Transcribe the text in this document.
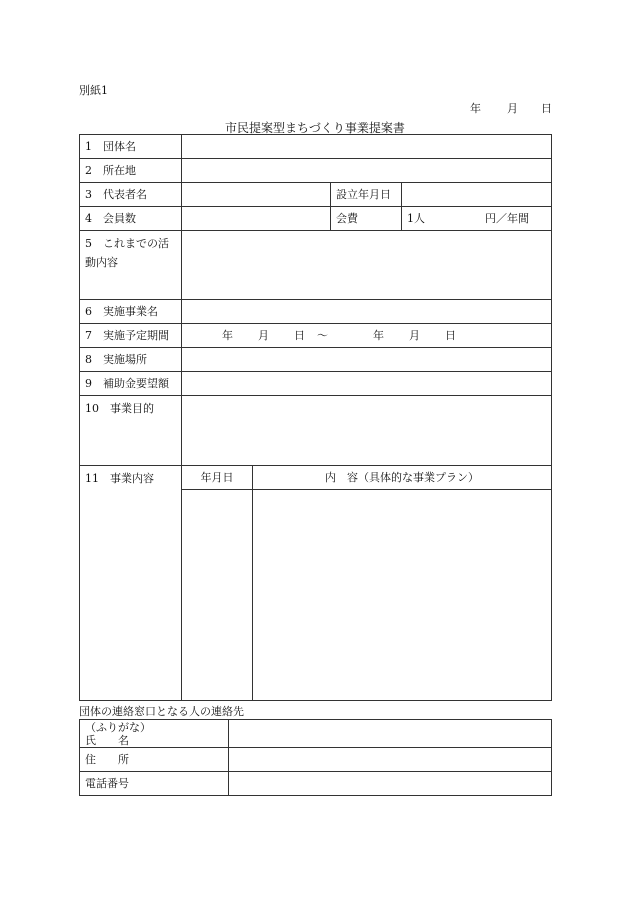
別紙1
年 月 日
市民提案型まちづくり事業提案書
1　団体名				
2　所在地				
3　代表者名			設立年月日	
4　会員数			会費	1人 円／年間

5　これまでの活
動内容				

6　実施事業名				
7　実施予定期間	年 月 日 ～ 年 月 日			
8　実施場所				
9　補助金要望額				
10　事業目的				
11　事業内容	年月日	内　容（具体的な事業プラン）		

団体の連絡窓口となる人の連絡先
（ふりがな）
氏　　名	

住　　所	
電話番号	
